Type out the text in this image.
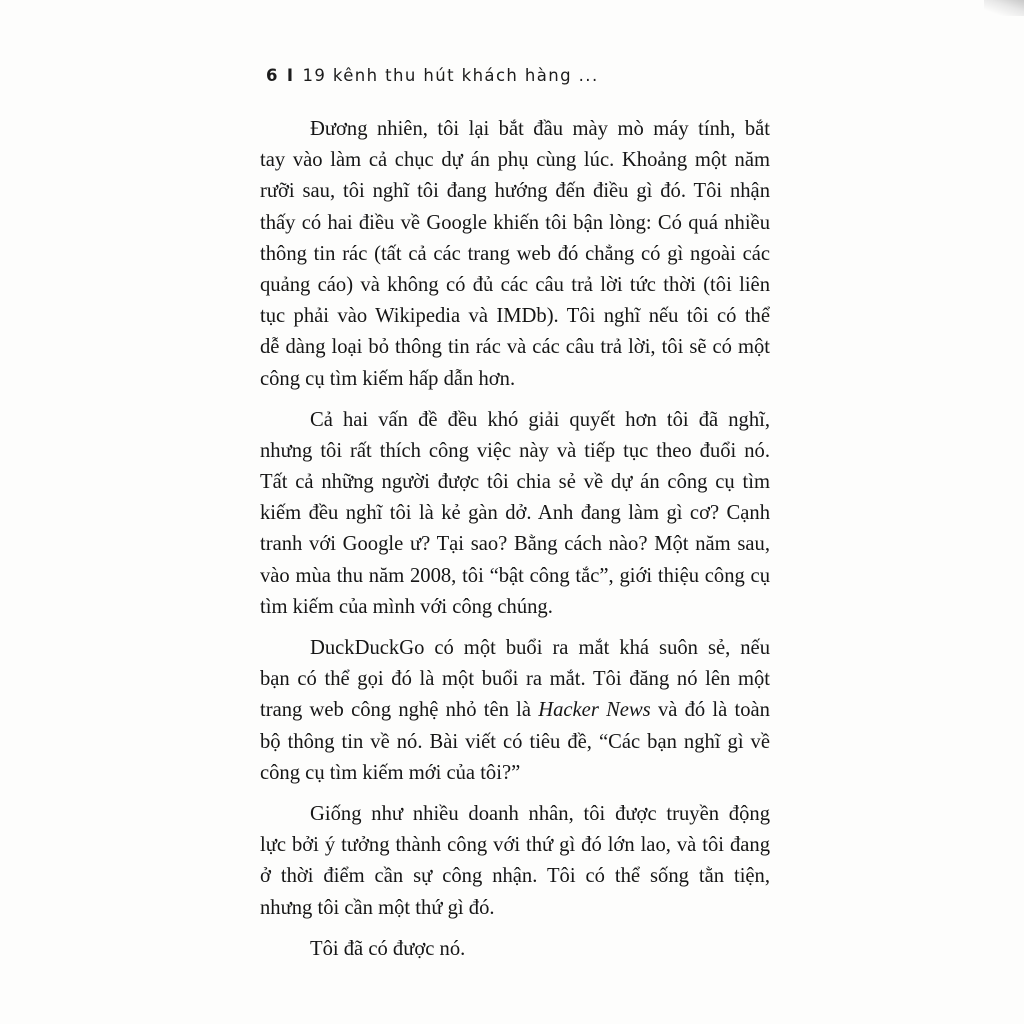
6 I 19 kênh thu hút khách hàng ...
Đương nhiên, tôi lại bắt đầu mày mò máy tính, bắt
tay vào làm cả chục dự án phụ cùng lúc. Khoảng một năm
rưỡi sau, tôi nghĩ tôi đang hướng đến điều gì đó. Tôi nhận
thấy có hai điều về Google khiến tôi bận lòng: Có quá nhiều
thông tin rác (tất cả các trang web đó chẳng có gì ngoài các
quảng cáo) và không có đủ các câu trả lời tức thời (tôi liên
tục phải vào Wikipedia và IMDb). Tôi nghĩ nếu tôi có thể
dễ dàng loại bỏ thông tin rác và các câu trả lời, tôi sẽ có một
công cụ tìm kiếm hấp dẫn hơn.
Cả hai vấn đề đều khó giải quyết hơn tôi đã nghĩ,
nhưng tôi rất thích công việc này và tiếp tục theo đuổi nó.
Tất cả những người được tôi chia sẻ về dự án công cụ tìm
kiếm đều nghĩ tôi là kẻ gàn dở. Anh đang làm gì cơ? Cạnh
tranh với Google ư? Tại sao? Bằng cách nào? Một năm sau,
vào mùa thu năm 2008, tôi “bật công tắc”, giới thiệu công cụ
tìm kiếm của mình với công chúng.
DuckDuckGo có một buổi ra mắt khá suôn sẻ, nếu
bạn có thể gọi đó là một buổi ra mắt. Tôi đăng nó lên một
trang web công nghệ nhỏ tên là Hacker News và đó là toàn
bộ thông tin về nó. Bài viết có tiêu đề, “Các bạn nghĩ gì về
công cụ tìm kiếm mới của tôi?”
Giống như nhiều doanh nhân, tôi được truyền động
lực bởi ý tưởng thành công với thứ gì đó lớn lao, và tôi đang
ở thời điểm cần sự công nhận. Tôi có thể sống tằn tiện,
nhưng tôi cần một thứ gì đó.
Tôi đã có được nó.
